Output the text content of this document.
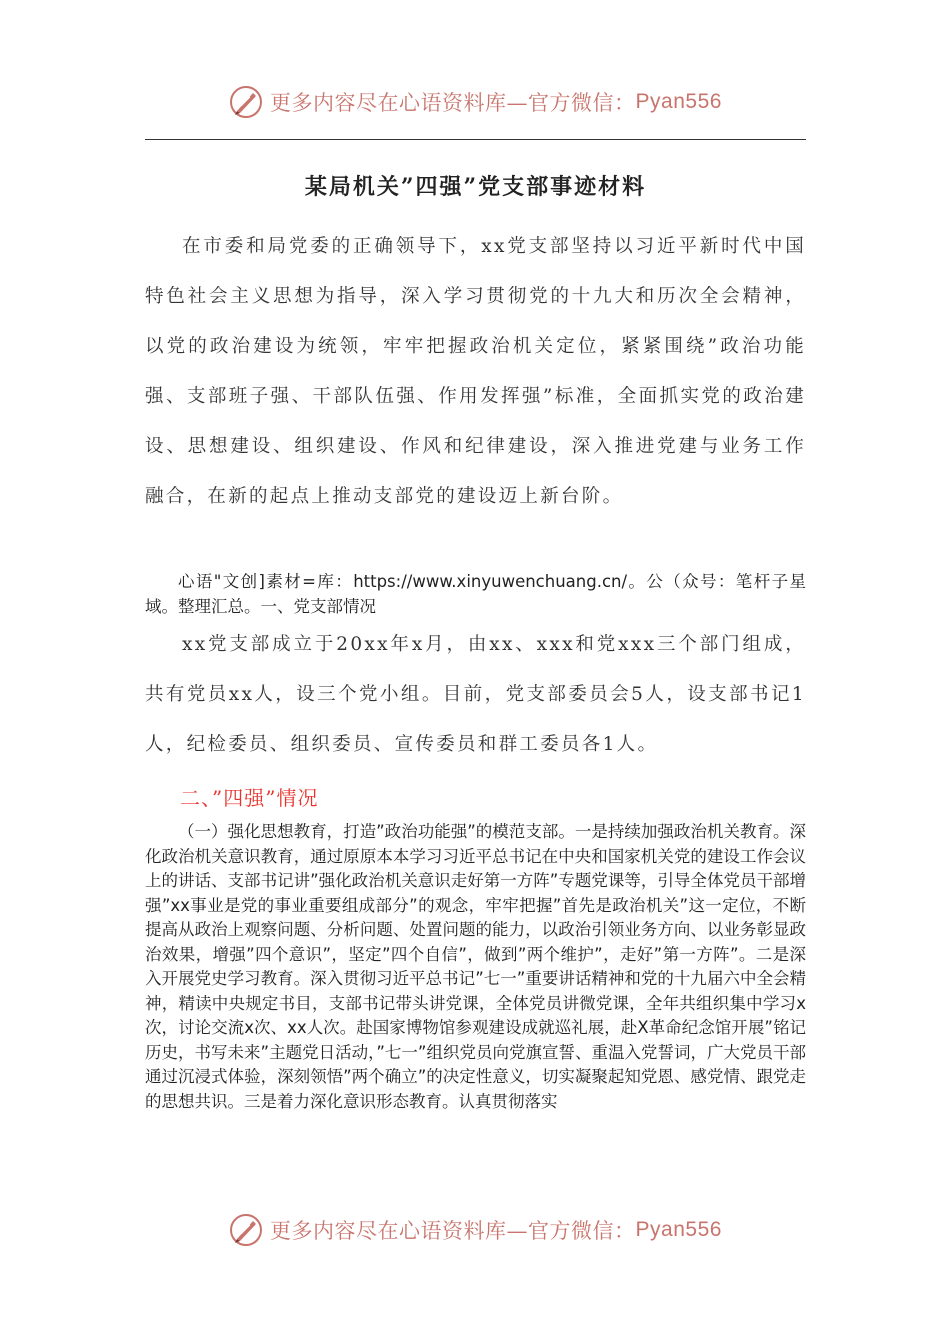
更多内容尽在心语资料库—官方微信： Pyan556
某局机关”四强”党支部事迹材料

在市委和局党委的正确领导下，xx党支部坚持以习近平新时代中国特色社会主义思想为指导，深入学习贯彻党的十九大和历次全会精神，以党的政治建设为统领，牢牢把握政治机关定位，紧紧围绕”政治功能强、支部班子强、干部队伍强、作用发挥强”标准，全面抓实党的政治建设、思想建设、组织建设、作风和纪律建设，深入推进党建与业务工作融合，在新的起点上推动支部党的建设迈上新台阶。

心语"文创]素材=库：https://www.xinyuwenchuang.cn/。公（众号：笔杆子星域。整理汇总。一、党支部情况

xx党支部成立于20xx年x月，由xx、xxx和党xxx三个部门组成，共有党员xx人，设三个党小组。目前，党支部委员会5人，设支部书记1人，纪检委员、组织委员、宣传委员和群工委员各1人。

二、”四强”情况

（一）强化思想教育，打造”政治功能强”的模范支部。一是持续加强政治机关教育。深化政治机关意识教育，通过原原本本学习习近平总书记在中央和国家机关党的建设工作会议上的讲话、支部书记讲”强化政治机关意识走好第一方阵”专题党课等，引导全体党员干部增强”xx事业是党的事业重要组成部分”的观念，牢牢把握”首先是政治机关”这一定位，不断提高从政治上观察问题、分析问题、处置问题的能力，以政治引领业务方向、以业务彰显政治效果，增强”四个意识”，坚定”四个自信”，做到”两个维护”，走好”第一方阵”。二是深入开展党史学习教育。深入贯彻习近平总书记”七一”重要讲话精神和党的十九届六中全会精神，精读中央规定书目，支部书记带头讲党课，全体党员讲微党课，全年共组织集中学习x次，讨论交流x次、xx人次。赴国家博物馆参观建设成就巡礼展，赴X革命纪念馆开展”铭记历史，书写未来”主题党日活动，”七一”组织党员向党旗宣誓、重温入党誓词，广大党员干部通过沉浸式体验，深刻领悟”两个确立”的决定性意义，切实凝聚起知党恩、感党情、跟党走的思想共识。三是着力深化意识形态教育。认真贯彻落实

更多内容尽在心语资料库—官方微信： Pyan556
